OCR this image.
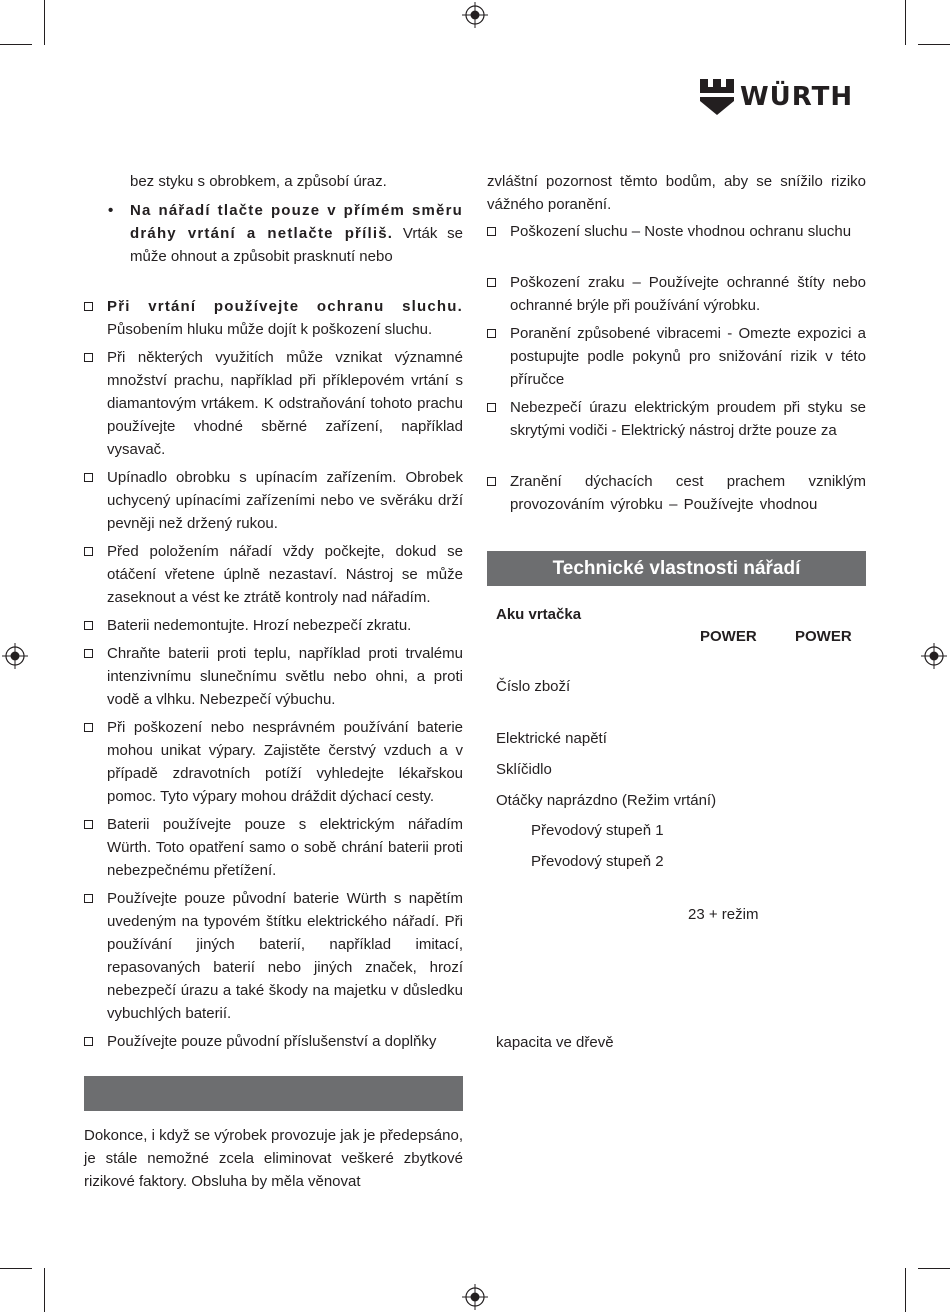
WÜRTH

bez styku s obrobkem, a způsobí úraz.

• Na nářadí tlačte pouze v přímém směru dráhy vrtání a netlačte příliš. Vrták se může ohnout a způsobit prasknutí nebo
Při vrtání používejte ochranu sluchu. Působením hluku může dojít k poškození sluchu.
Při některých využitích může vznikat významné množství prachu, například při příklepovém vrtání s diamantovým vrtákem. K odstraňování tohoto prachu používejte vhodné sběrné zařízení, například vysavač.
Upínadlo obrobku s upínacím zařízením. Obrobek uchycený upínacími zařízeními nebo ve svěráku drží pevněji než držený rukou.
Před položením nářadí vždy počkejte, dokud se otáčení vřetene úplně nezastaví. Nástroj se může zaseknout a vést ke ztrátě kontroly nad nářadím.
Baterii nedemontujte. Hrozí nebezpečí zkratu.
Chraňte baterii proti teplu, například proti trvalému intenzivnímu slunečnímu světlu nebo ohni, a proti vodě a vlhku. Nebezpečí výbuchu.
Při poškození nebo nesprávném používání baterie mohou unikat výpary. Zajistěte čerstvý vzduch a v případě zdravotních potíží vyhledejte lékařskou pomoc. Tyto výpary mohou dráždit dýchací cesty.
Baterii používejte pouze s elektrickým nářadím Würth. Toto opatření samo o sobě chrání baterii proti nebezpečnému přetížení.
Používejte pouze původní baterie Würth s napětím uvedeným na typovém štítku elektrického nářadí. Při používání jiných baterií, například imitací, repasovaných baterií nebo jiných značek, hrozí nebezpečí úrazu a také škody na majetku v důsledku vybuchlých baterií.
Používejte pouze původní příslušenství a doplňky

Dokonce, i když se výrobek provozuje jak je předepsáno, je stále nemožné zcela eliminovat veškeré zbytkové rizikové faktory. Obsluha by měla věnovat

zvláštní pozornost těmto bodům, aby se snížilo riziko vážného poranění.

Poškození sluchu – Noste vhodnou ochranu sluchu
Poškození zraku – Používejte ochranné štíty nebo ochranné brýle při používání výrobku.
Poranění způsobené vibracemi - Omezte expozici a postupujte podle pokynů pro snižování rizik v této příručce
Nebezpečí úrazu elektrickým proudem při styku se skrytými vodiči - Elektrický nástroj držte pouze za
Zranění dýchacích cest prachem vzniklým provozováním výrobku – Používejte vhodnou
Technické vlastnosti nářadí
Aku vrtačka
POWER	POWER
Číslo zboží
Elektrické napětí
Sklíčidlo
Otáčky naprázdno (Režim vrtání)
Převodový stupeň 1
Převodový stupeň 2
23 + režim
kapacita ve dřevě
